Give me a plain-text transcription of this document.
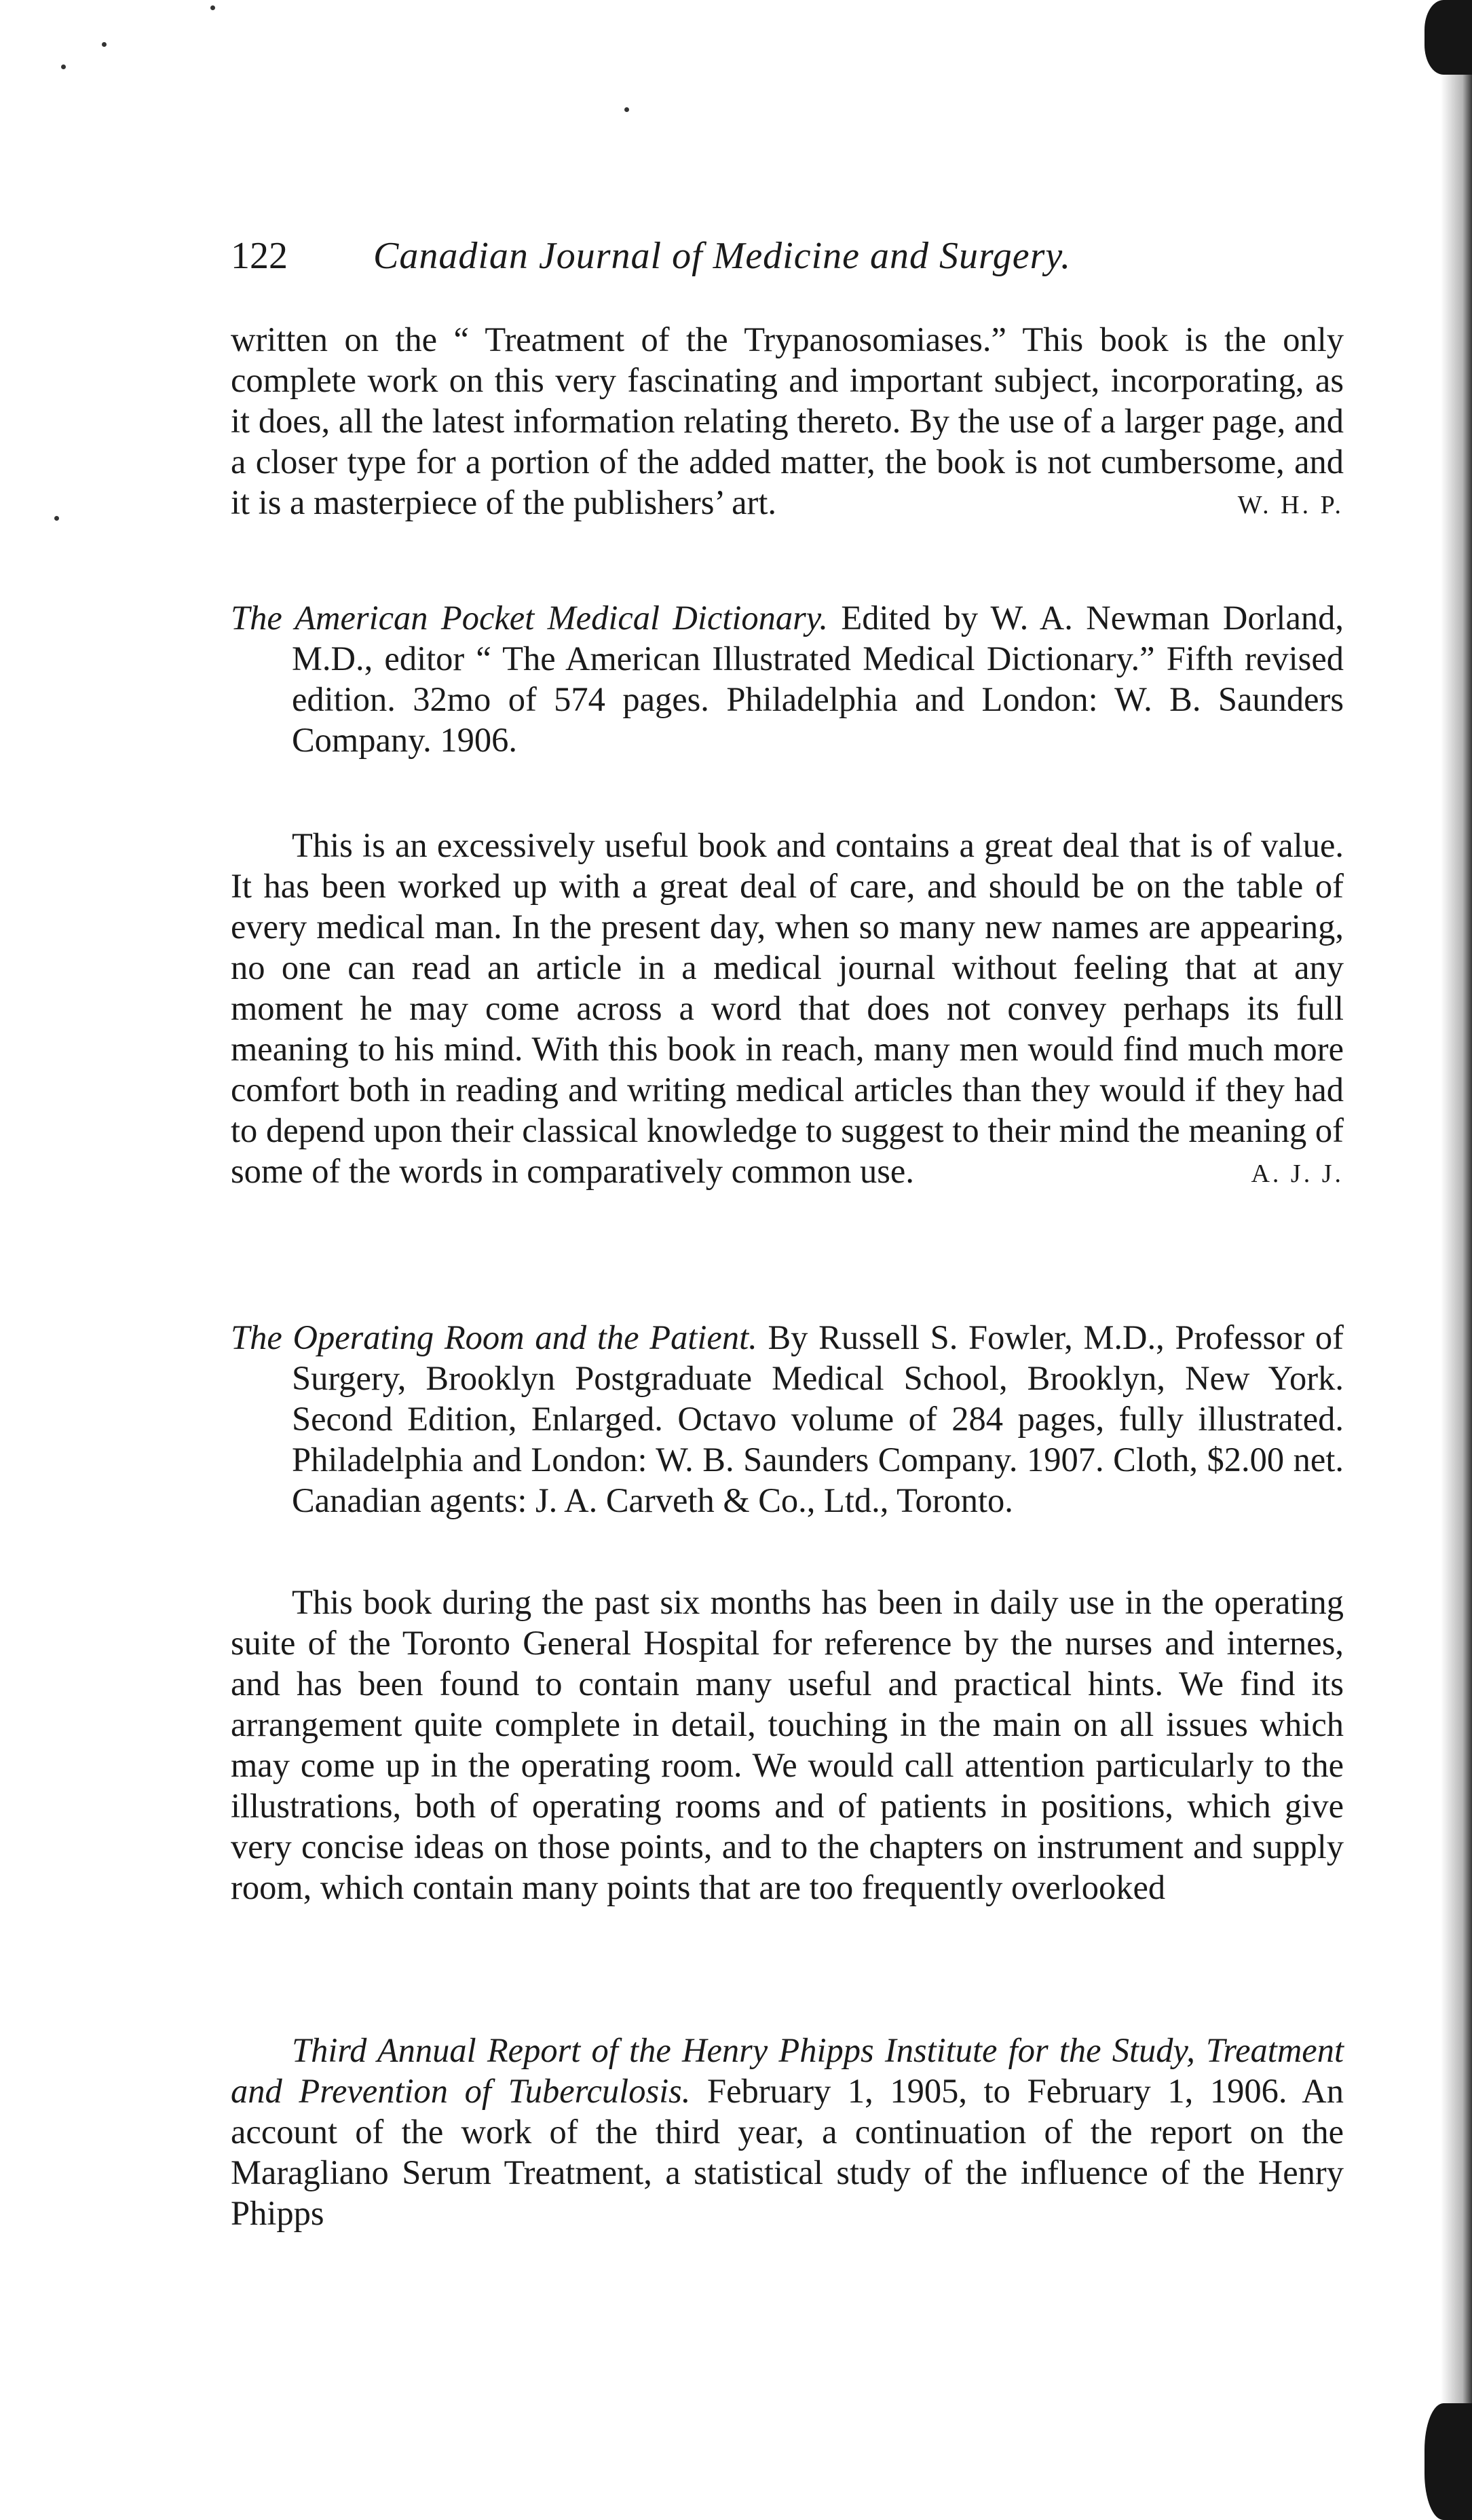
122 Canadian Journal of Medicine and Surgery.

written on the “ Treatment of the Trypanosomiases.” This book is the only complete work on this very fascinating and important subject, incorporating, as it does, all the latest information relating thereto. By the use of a larger page, and a closer type for a portion of the added matter, the book is not cumbersome, and it is a masterpiece of the publishers’ art.	W. H. P.

The American Pocket Medical Dictionary. Edited by W. A. Newman Dorland, M.D., editor “ The American Illustrated Medical Dictionary.” Fifth revised edition. 32mo of 574 pages. Philadelphia and London: W. B. Saunders Company. 1906.

This is an excessively useful book and contains a great deal that is of value. It has been worked up with a great deal of care, and should be on the table of every medical man. In the present day, when so many new names are appearing, no one can read an article in a medical journal without feeling that at any moment he may come across a word that does not convey perhaps its full meaning to his mind. With this book in reach, many men would find much more comfort both in reading and writing medical articles than they would if they had to depend upon their classical knowledge to suggest to their mind the meaning of some of the words in comparatively common use.	A. J. J.

The Operating Room and the Patient. By Russell S. Fowler, M.D., Professor of Surgery, Brooklyn Postgraduate Medical School, Brooklyn, New York. Second Edition, Enlarged. Octavo volume of 284 pages, fully illustrated. Philadelphia and London: W. B. Saunders Company. 1907. Cloth, $2.00 net. Canadian agents: J. A. Carveth & Co., Ltd., Toronto.

This book during the past six months has been in daily use in the operating suite of the Toronto General Hospital for reference by the nurses and internes, and has been found to contain many useful and practical hints. We find its arrangement quite complete in detail, touching in the main on all issues which may come up in the operating room. We would call attention particularly to the illustrations, both of operating rooms and of patients in positions, which give very concise ideas on those points, and to the chapters on instrument and supply room, which contain many points that are too frequently overlooked

Third Annual Report of the Henry Phipps Institute for the Study, Treatment and Prevention of Tuberculosis. February 1, 1905, to February 1, 1906. An account of the work of the third year, a continuation of the report on the Maragliano Serum Treatment, a statistical study of the influence of the Henry Phipps
